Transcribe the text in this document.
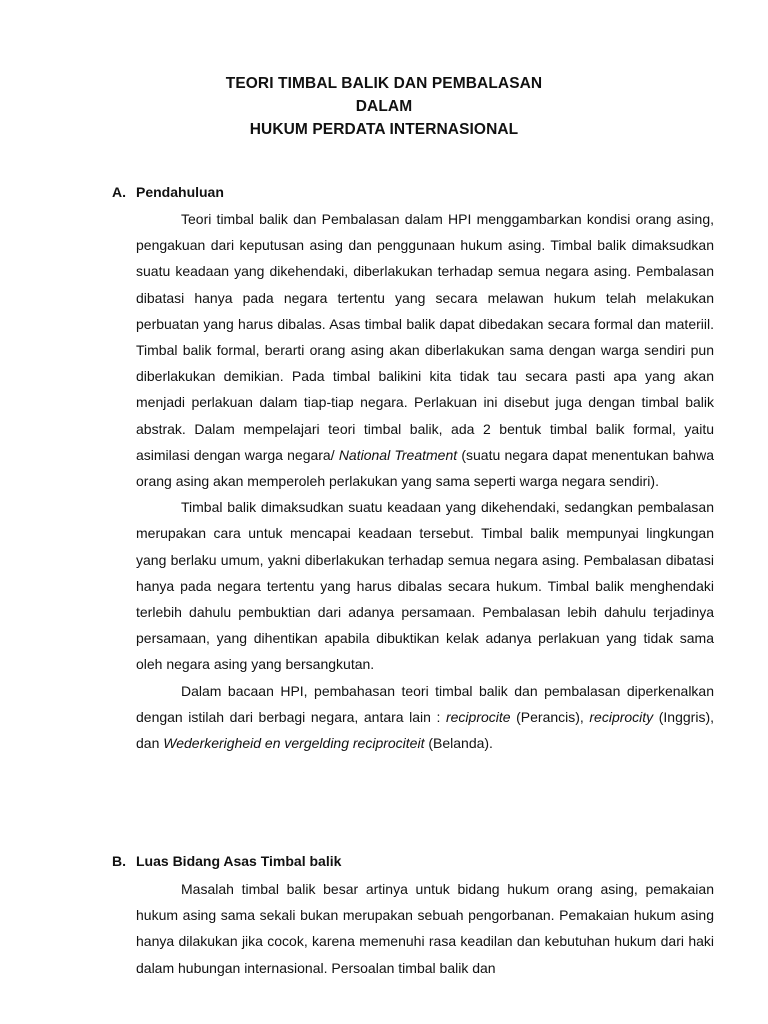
TEORI TIMBAL BALIK DAN PEMBALASAN
DALAM
HUKUM PERDATA INTERNASIONAL
A. Pendahuluan

Teori timbal balik dan Pembalasan dalam HPI menggambarkan kondisi orang asing, pengakuan dari keputusan asing dan penggunaan hukum asing. Timbal balik dimaksudkan suatu keadaan yang dikehendaki, diberlakukan terhadap semua negara asing. Pembalasan dibatasi hanya pada negara tertentu yang secara melawan hukum telah melakukan perbuatan yang harus dibalas. Asas timbal balik dapat dibedakan secara formal dan materiil. Timbal balik formal, berarti orang asing akan diberlakukan sama dengan warga sendiri pun diberlakukan demikian. Pada timbal balikini kita tidak tau secara pasti apa yang akan menjadi perlakuan dalam tiap-tiap negara. Perlakuan ini disebut juga dengan timbal balik abstrak. Dalam mempelajari teori timbal balik, ada 2 bentuk timbal balik formal, yaitu asimilasi dengan warga negara/ National Treatment (suatu negara dapat menentukan bahwa orang asing akan memperoleh perlakukan yang sama seperti warga negara sendiri).

Timbal balik dimaksudkan suatu keadaan yang dikehendaki, sedangkan pembalasan merupakan cara untuk mencapai keadaan tersebut. Timbal balik mempunyai lingkungan yang berlaku umum, yakni diberlakukan terhadap semua negara asing. Pembalasan dibatasi hanya pada negara tertentu yang harus dibalas secara hukum. Timbal balik menghendaki terlebih dahulu pembuktian dari adanya persamaan. Pembalasan lebih dahulu terjadinya persamaan, yang dihentikan apabila dibuktikan kelak adanya perlakuan yang tidak sama oleh negara asing yang bersangkutan.

Dalam bacaan HPI, pembahasan teori timbal balik dan pembalasan diperkenalkan dengan istilah dari berbagi negara, antara lain : reciprocite (Perancis), reciprocity (Inggris), dan Wederkerigheid en vergelding reciprociteit (Belanda).

B. Luas Bidang Asas Timbal balik

Masalah timbal balik besar artinya untuk bidang hukum orang asing, pemakaian hukum asing sama sekali bukan merupakan sebuah pengorbanan. Pemakaian hukum asing hanya dilakukan jika cocok, karena memenuhi rasa keadilan dan kebutuhan hukum dari haki dalam hubungan internasional. Persoalan timbal balik dan
